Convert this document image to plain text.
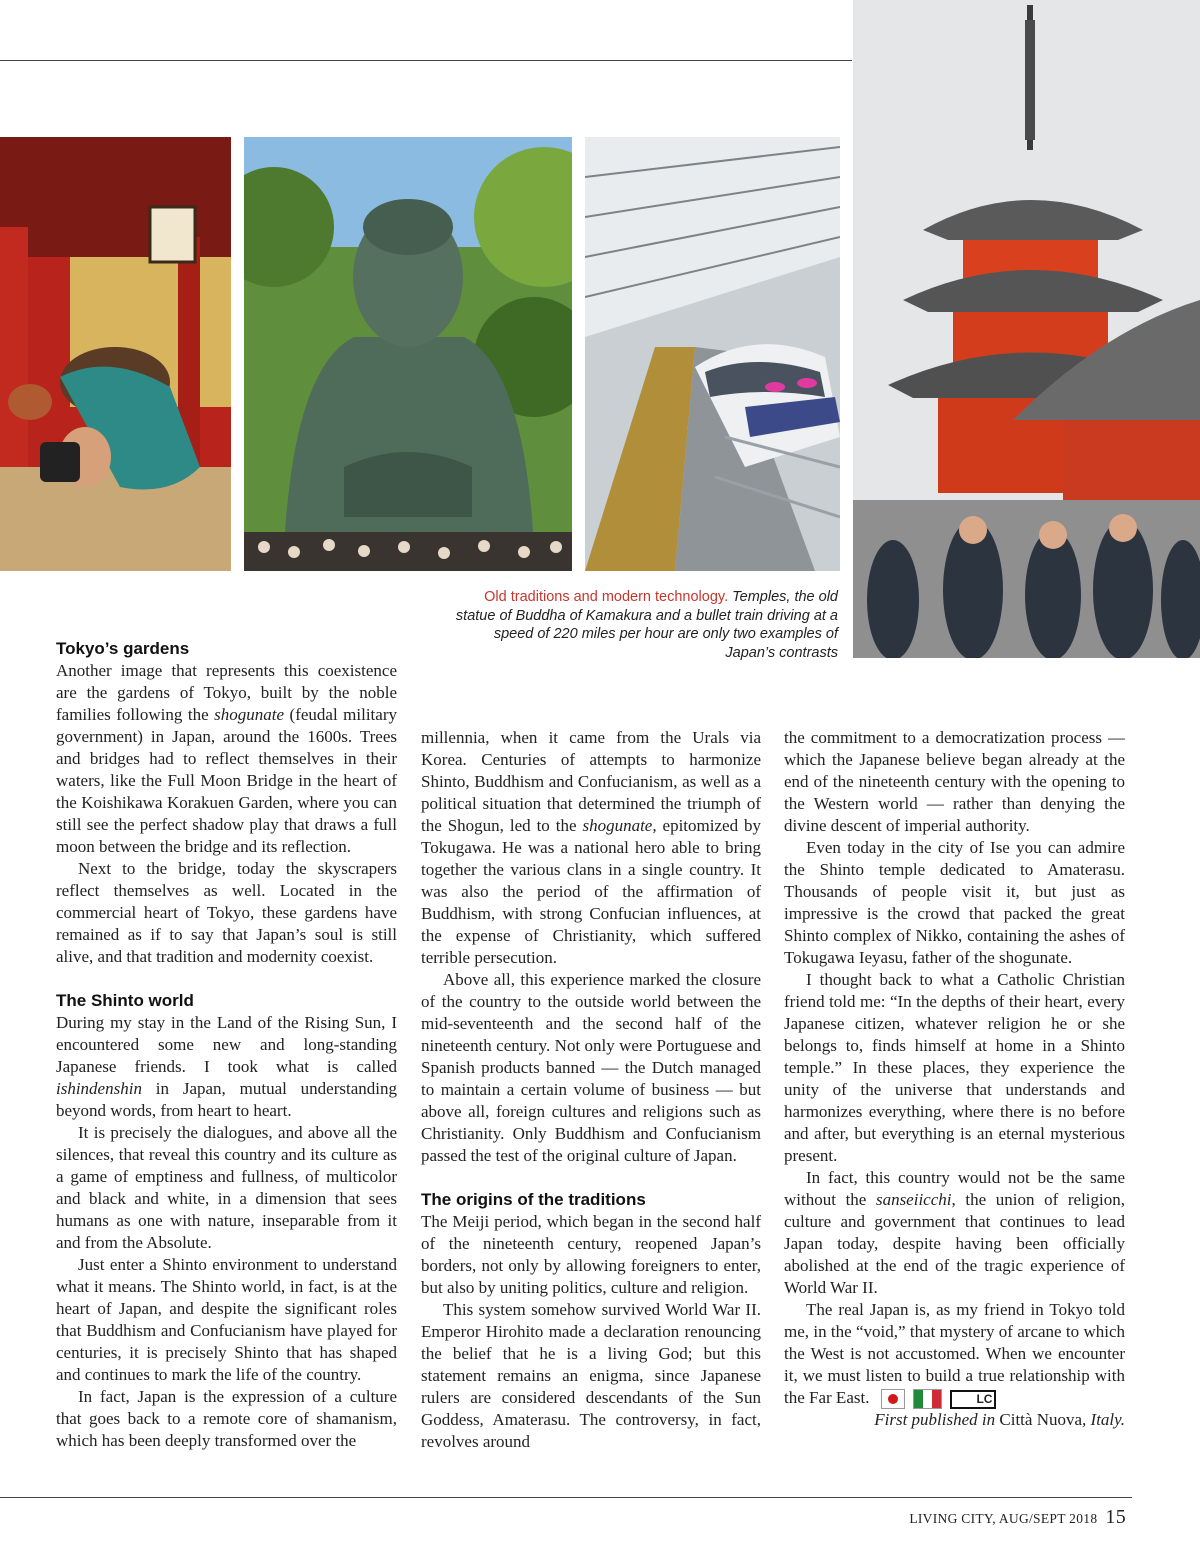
Old traditions and modern technology. Temples, the old statue of Buddha of Kamakura and a bullet train driving at a speed of 220 miles per hour are only two examples of Japan’s contrasts
Tokyo’s gardens

Another image that represents this coexistence are the gardens of Tokyo, built by the noble families following the shogunate (feudal military government) in Japan, around the 1600s. Trees and bridges had to reflect themselves in their waters, like the Full Moon Bridge in the heart of the Koishikawa Korakuen Garden, where you can still see the perfect shadow play that draws a full moon between the bridge and its reflection.

Next to the bridge, today the skyscrapers reflect themselves as well. Located in the commercial heart of Tokyo, these gardens have remained as if to say that Japan’s soul is still alive, and that tradition and modernity coexist.

The Shinto world

During my stay in the Land of the Rising Sun, I encountered some new and long-standing Japanese friends. I took what is called ishindenshin in Japan, mutual understanding beyond words, from heart to heart.

It is precisely the dialogues, and above all the silences, that reveal this country and its culture as a game of emptiness and fullness, of multicolor and black and white, in a dimension that sees humans as one with nature, inseparable from it and from the Absolute.

Just enter a Shinto environment to understand what it means. The Shinto world, in fact, is at the heart of Japan, and despite the significant roles that Buddhism and Confucianism have played for centuries, it is precisely Shinto that has shaped and continues to mark the life of the country.

In fact, Japan is the expression of a culture that goes back to a remote core of shamanism, which has been deeply transformed over the

millennia, when it came from the Urals via Korea. Centuries of attempts to harmonize Shinto, Buddhism and Confucianism, as well as a political situation that determined the triumph of the Shogun, led to the shogunate, epitomized by Tokugawa. He was a national hero able to bring together the various clans in a single country. It was also the period of the affirmation of Buddhism, with strong Confucian influences, at the expense of Christianity, which suffered terrible persecution.

Above all, this experience marked the closure of the country to the outside world between the mid-seventeenth and the second half of the nineteenth century. Not only were Portuguese and Spanish products banned — the Dutch managed to maintain a certain volume of business — but above all, foreign cultures and religions such as Christianity. Only Buddhism and Confucianism passed the test of the original culture of Japan.

The origins of the traditions

The Meiji period, which began in the second half of the nineteenth century, reopened Japan’s borders, not only by allowing foreigners to enter, but also by uniting politics, culture and religion.

This system somehow survived World War II. Emperor Hirohito made a declaration renouncing the belief that he is a living God; but this statement remains an enigma, since Japanese rulers are considered descendants of the Sun Goddess, Amaterasu. The controversy, in fact, revolves around

the commitment to a democratization process — which the Japanese believe began already at the end of the nineteenth century with the opening to the Western world — rather than denying the divine descent of imperial authority.

Even today in the city of Ise you can admire the Shinto temple dedicated to Amaterasu. Thousands of people visit it, but just as impressive is the crowd that packed the great Shinto complex of Nikko, containing the ashes of Tokugawa Ieyasu, father of the shogunate.

I thought back to what a Catholic Christian friend told me: “In the depths of their heart, every Japanese citizen, whatever religion he or she belongs to, finds himself at home in a Shinto temple.” In these places, they experience the unity of the universe that understands and harmonizes everything, where there is no before and after, but everything is an eternal mysterious present.

In fact, this country would not be the same without the sanseiicchi, the union of religion, culture and government that continues to lead Japan today, despite having been officially abolished at the end of the tragic experience of World War II.

The real Japan is, as my friend in Tokyo told me, in the “void,” that mystery of arcane to which the West is not accustomed. When we encounter it, we must listen to build a true relationship with the Far East.	LC

First published in Città Nuova, Italy.

LIVING CITY, AUG/SEPT 2018 15
